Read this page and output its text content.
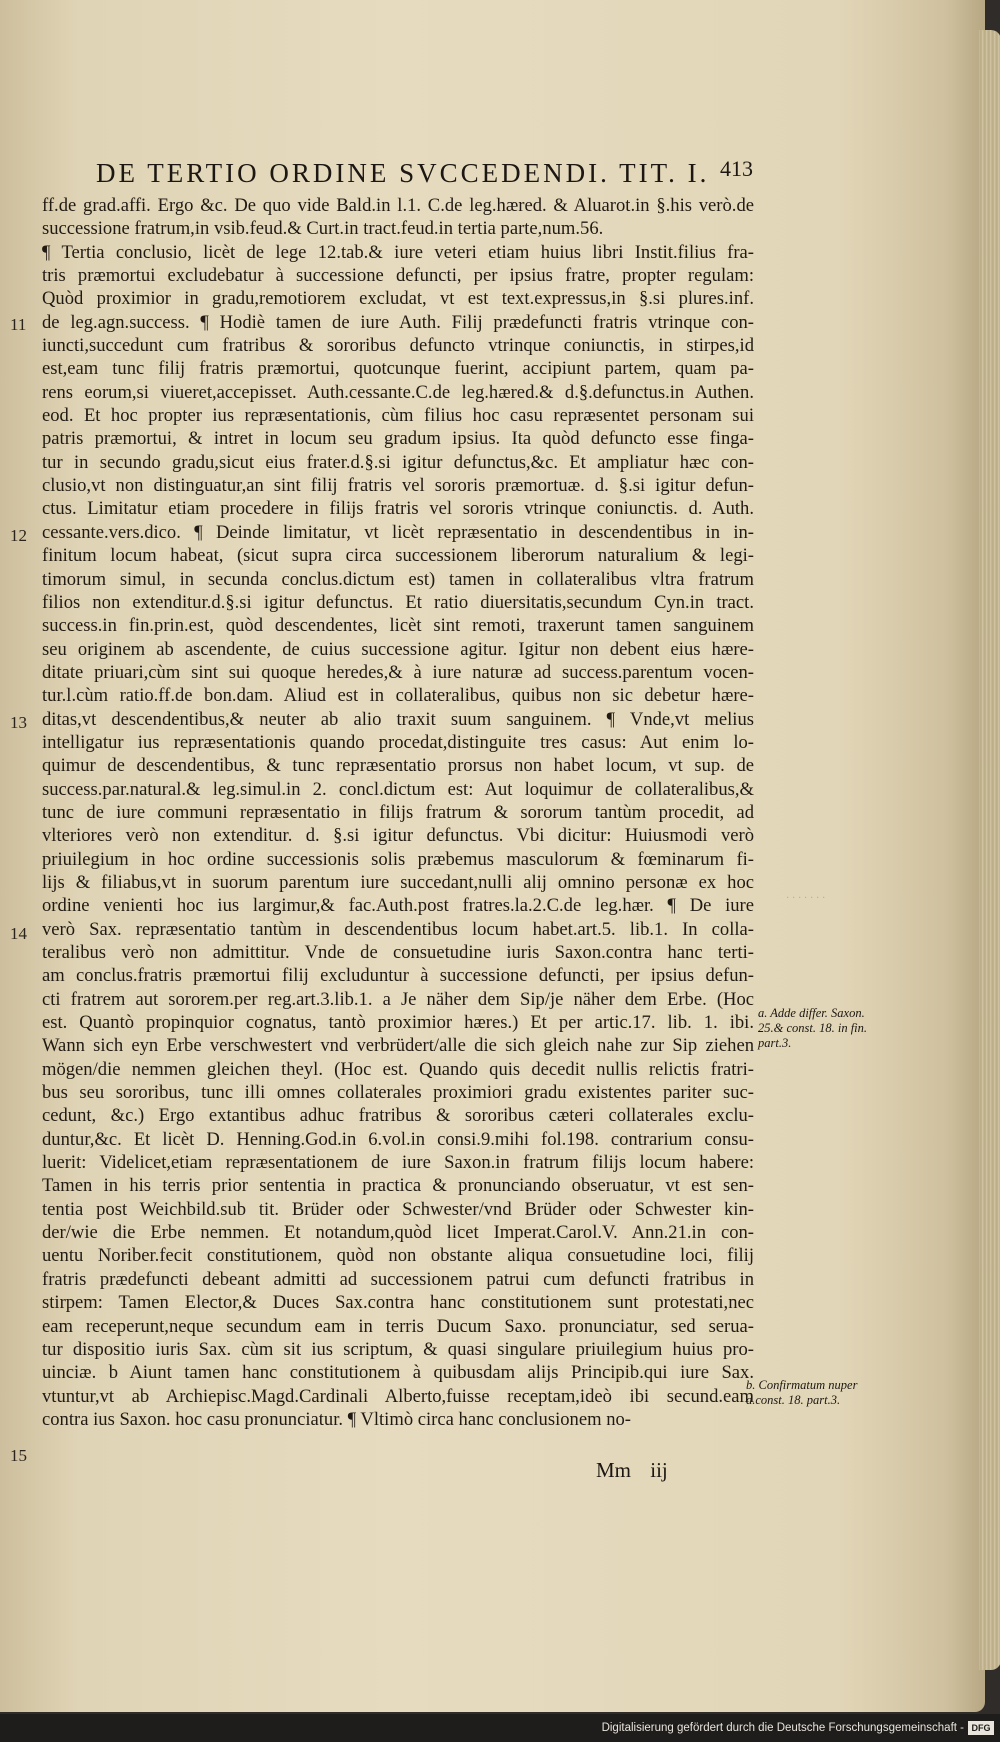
DE TERTIO ORDINE SVCCEDENDI. TIT. I. 413
ff.de grad.affi. Ergo &c. De quo vide Bald.in l.1. C.de leg.hæred. & Aluarot.in §.his verò.de
successione fratrum,in vsib.feud.& Curt.in tract.feud.in tertia parte,num.56.
¶ Tertia conclusio, licèt de lege 12.tab.& iure veteri etiam huius libri Instit.filius fra-
tris præmortui excludebatur à successione defuncti, per ipsius fratre, propter regulam:
Quòd proximior in gradu,remotiorem excludat, vt est text.expressus,in §.si plures.inf.
de leg.agn.success. ¶ Hodiè tamen de iure Auth. Filij prædefuncti fratris vtrinque con-
iuncti,succedunt cum fratribus & sororibus defuncto vtrinque coniunctis, in stirpes,id
est,eam tunc filij fratris præmortui, quotcunque fuerint, accipiunt partem, quam pa-
rens eorum,si viueret,accepisset. Auth.cessante.C.de leg.hæred.& d.§.defunctus.in Authen.
eod. Et hoc propter ius repræsentationis, cùm filius hoc casu repræsentet personam sui
patris præmortui, & intret in locum seu gradum ipsius. Ita quòd defuncto esse finga-
tur in secundo gradu,sicut eius frater.d.§.si igitur defunctus,&c. Et ampliatur hæc con-
clusio,vt non distinguatur,an sint filij fratris vel sororis præmortuæ. d. §.si igitur defun-
ctus. Limitatur etiam procedere in filijs fratris vel sororis vtrinque coniunctis. d. Auth.
cessante.vers.dico. ¶ Deinde limitatur, vt licèt repræsentatio in descendentibus in in-
finitum locum habeat, (sicut supra circa successionem liberorum naturalium & legi-
timorum simul, in secunda conclus.dictum est) tamen in collateralibus vltra fratrum
filios non extenditur.d.§.si igitur defunctus. Et ratio diuersitatis,secundum Cyn.in tract.
success.in fin.prin.est, quòd descendentes, licèt sint remoti, traxerunt tamen sanguinem
seu originem ab ascendente, de cuius successione agitur. Igitur non debent eius hære-
ditate priuari,cùm sint sui quoque heredes,& à iure naturæ ad success.parentum vocen-
tur.l.cùm ratio.ff.de bon.dam. Aliud est in collateralibus, quibus non sic debetur hære-
ditas,vt descendentibus,& neuter ab alio traxit suum sanguinem. ¶ Vnde,vt melius
intelligatur ius repræsentationis quando procedat,distinguite tres casus: Aut enim lo-
quimur de descendentibus, & tunc repræsentatio prorsus non habet locum, vt sup. de
success.par.natural.& leg.simul.in 2. concl.dictum est: Aut loquimur de collateralibus,&
tunc de iure communi repræsentatio in filijs fratrum & sororum tantùm procedit, ad
vlteriores verò non extenditur. d. §.si igitur defunctus. Vbi dicitur: Huiusmodi verò
priuilegium in hoc ordine successionis solis præbemus masculorum & fœminarum fi-
lijs & filiabus,vt in suorum parentum iure succedant,nulli alij omnino personæ ex hoc
ordine venienti hoc ius largimur,& fac.Auth.post fratres.la.2.C.de leg.hær. ¶ De iure
verò Sax. repræsentatio tantùm in descendentibus locum habet.art.5. lib.1. In colla-
teralibus verò non admittitur. Vnde de consuetudine iuris Saxon.contra hanc terti-
am conclus.fratris præmortui filij excluduntur à successione defuncti, per ipsius defun-
cti fratrem aut sororem.per reg.art.3.lib.1. a Je näher dem Sip/je näher dem Erbe. (Hoc
est. Quantò propinquior cognatus, tantò proximior hæres.) Et per artic.17. lib. 1. ibi.
Wann sich eyn Erbe verschwestert vnd verbrüdert/alle die sich gleich nahe zur Sip ziehen
mögen/die nemmen gleichen theyl. (Hoc est. Quando quis decedit nullis relictis fratri-
bus seu sororibus, tunc illi omnes collaterales proximiori gradu existentes pariter suc-
cedunt, &c.) Ergo extantibus adhuc fratribus & sororibus cæteri collaterales exclu-
duntur,&c. Et licèt D. Henning.God.in 6.vol.in consi.9.mihi fol.198. contrarium consu-
luerit: Videlicet,etiam repræsentationem de iure Saxon.in fratrum filijs locum habere:
Tamen in his terris prior sententia in practica & pronunciando obseruatur, vt est sen-
tentia post Weichbild.sub tit. Brüder oder Schwester/vnd Brüder oder Schwester kin-
der/wie die Erbe nemmen. Et notandum,quòd licet Imperat.Carol.V. Ann.21.in con-
uentu Noriber.fecit constitutionem, quòd non obstante aliqua consuetudine loci, filij
fratris prædefuncti debeant admitti ad successionem patrui cum defuncti fratribus in
stirpem: Tamen Elector,& Duces Sax.contra hanc constitutionem sunt protestati,nec
eam receperunt,neque secundum eam in terris Ducum Saxo. pronunciatur, sed serua-
tur dispositio iuris Sax. cùm sit ius scriptum, & quasi singulare priuilegium huius pro-
uinciæ. b Aiunt tamen hanc constitutionem à quibusdam alijs Principib.qui iure Sax.
vtuntur,vt ab Archiepisc.Magd.Cardinali Alberto,fuisse receptam,ideò ibi secund.eam
contra ius Saxon. hoc casu pronunciatur. ¶ Vltimò circa hanc conclusionem no-
11
12
13
14
15
a. Adde differ. Saxon. 25.& const. 18. in fin. part.3.
b. Confirmatum nuper d.const. 18. part.3.
· · · · · · ·
Mm iij
Digitalisierung gefördert durch die Deutsche Forschungsgemeinschaft - DFG
